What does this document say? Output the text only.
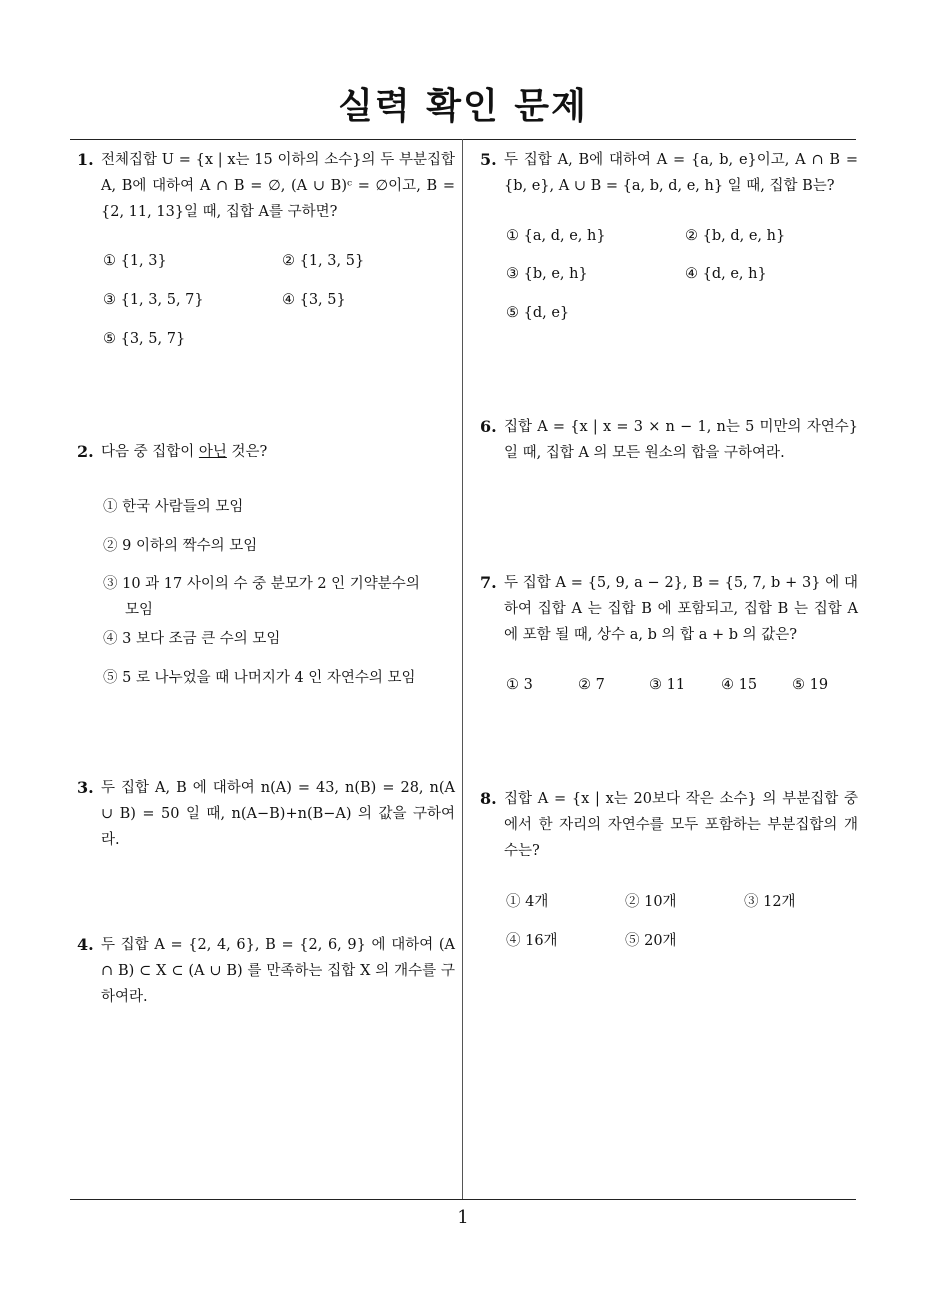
실력 확인 문제
1. 전체집합 U = {x | x는 15 이하의 소수}의 두 부분집합 A, B에 대하여 A ∩ B = ∅, (A ∪ B)ᶜ = ∅이고, B = {2, 11, 13}일 때, 집합 A를 구하면?
① {1, 3}	② {1, 3, 5}
③ {1, 3, 5, 7}	④ {3, 5}
⑤ {3, 5, 7}
2. 다음 중 집합이 아닌 것은?
① 한국 사람들의 모임
② 9 이하의 짝수의 모임
③ 10 과 17 사이의 수 중 분모가 2 인 기약분수의
모임
④ 3 보다 조금 큰 수의 모임
⑤ 5 로 나누었을 때 나머지가 4 인 자연수의 모임
3. 두 집합 A, B 에 대하여 n(A) = 43, n(B) = 28, n(A ∪ B) = 50 일 때, n(A−B)+n(B−A) 의 값을 구하여라.
4. 두 집합 A = {2, 4, 6}, B = {2, 6, 9} 에 대하여 (A ∩ B) ⊂ X ⊂ (A ∪ B) 를 만족하는 집합 X 의 개수를 구하여라.
5. 두 집합 A, B에 대하여 A = {a, b, e}이고, A ∩ B = {b, e}, A ∪ B = {a, b, d, e, h} 일 때, 집합 B는?
① {a, d, e, h}	② {b, d, e, h}
③ {b, e, h}	④ {d, e, h}
⑤ {d, e}
6. 집합 A = {x | x = 3 × n − 1, n는 5 미만의 자연수} 일 때, 집합 A 의 모든 원소의 합을 구하여라.
7. 두 집합 A = {5, 9, a − 2}, B = {5, 7, b + 3} 에 대하여 집합 A 는 집합 B 에 포함되고, 집합 B 는 집합 A 에 포함 될 때, 상수 a, b 의 합 a + b 의 값은?
① 3	② 7	③ 11 ④ 15 ⑤ 19
8. 집합 A = {x | x는 20보다 작은 소수} 의 부분집합 중에서 한 자리의 자연수를 모두 포함하는 부분집합의 개수는?
① 4개	② 10개	③ 12개
④ 16개	⑤ 20개
1
